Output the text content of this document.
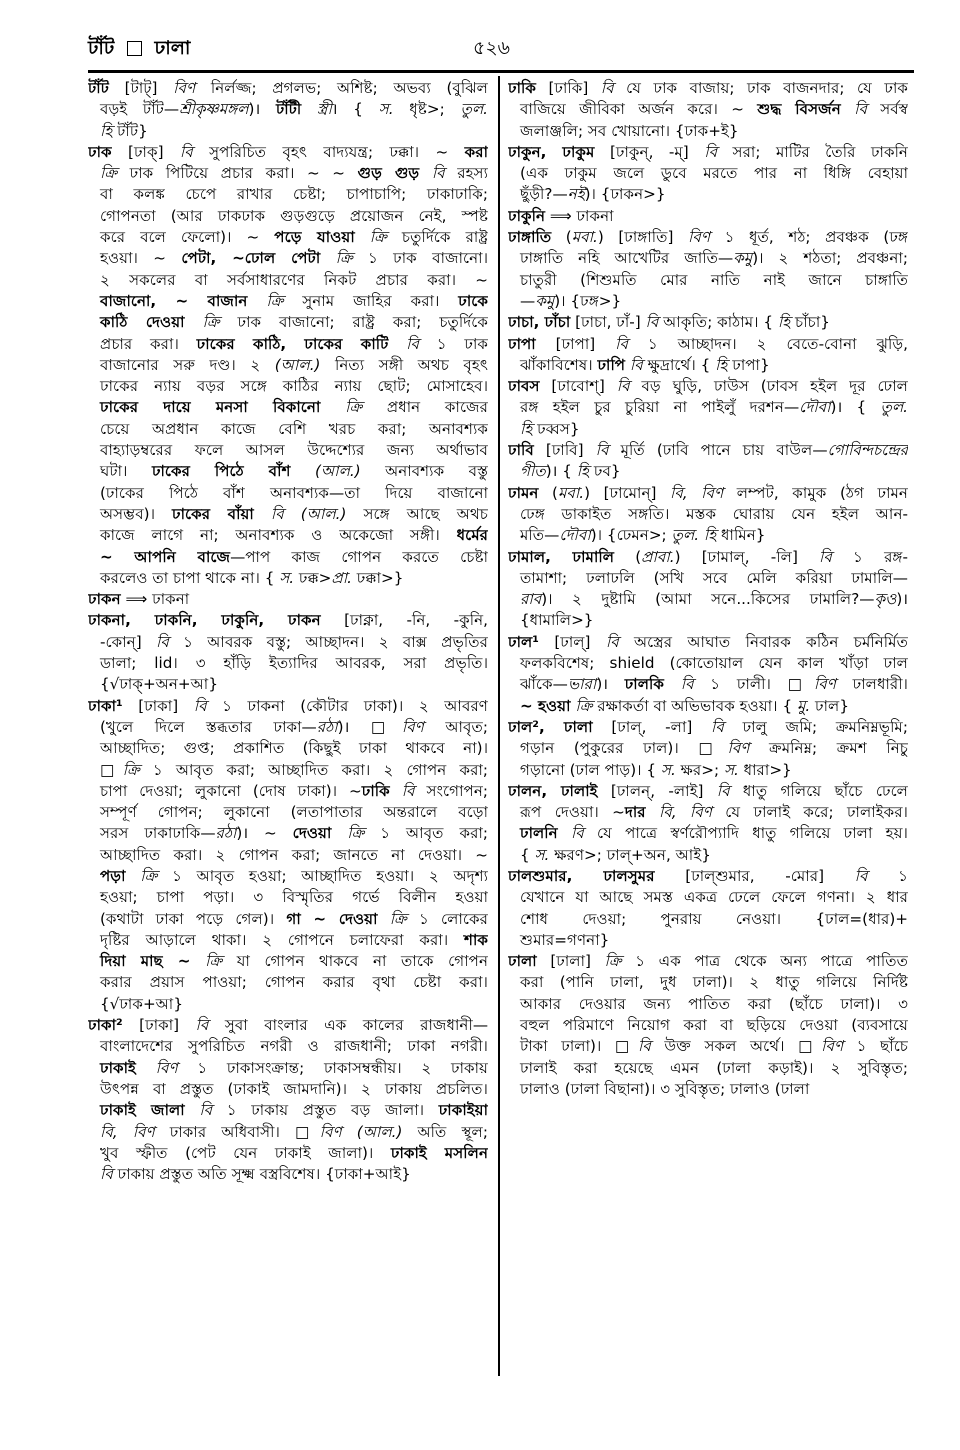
টাঁট ঢালা	৫২৬
টাঁট [টাট্] বিণ নির্লজ্জ; প্রগলভ; অশিষ্ট; অভব্য (বুঝিল
বড়ই টাঁট—শ্রীকৃষ্ণমঙ্গল)। টাঁটী স্ত্রী। { স. ধৃষ্ট>; তুল.
হি টাঁট}
ঢাক [ঢাক্] বি সুপরিচিত বৃহৎ বাদ্যযন্ত্র; ঢক্কা। ~ করা
ক্রি ঢাক পিটিয়ে প্রচার করা। ~ ~ গুড় গুড় বি রহস্য
বা কলঙ্ক চেপে রাখার চেষ্টা; চাপাচাপি; ঢাকাঢাকি;
গোপনতা (আর ঢাকঢাক গুড়গুড়ে প্রয়োজন নেই, স্পষ্ট
করে বলে ফেলো)। ~ পড়ে যাওয়া ক্রি চতুর্দিকে রাষ্ট্র
হওয়া। ~ পেটা, ~ঢোল পেটা ক্রি ১ ঢাক বাজানো।
২ সকলের বা সর্বসাধারণের নিকট প্রচার করা। ~
বাজানো, ~ বাজান ক্রি সুনাম জাহির করা। ঢাকে
কাঠি দেওয়া ক্রি ঢাক বাজানো; রাষ্ট্র করা; চতুর্দিকে
প্রচার করা। ঢাকের কাঠি, ঢাকের কাটি বি ১ ঢাক
বাজানোর সরু দণ্ড। ২ (আল.) নিত্য সঙ্গী অথচ বৃহৎ
ঢাকের ন্যায় বড়র সঙ্গে কাঠির ন্যায় ছোট; মোসাহেব।
ঢাকের দায়ে মনসা বিকানো ক্রি প্রধান কাজের
চেয়ে অপ্রধান কাজে বেশি খরচ করা; অনাবশ্যক
বাহ্যাড়ম্বরের ফলে আসল উদ্দেশ্যের জন্য অর্থাভাব
ঘটা। ঢাকের পিঠে বাঁশ (আল.) অনাবশ্যক বস্তু
(ঢাকের পিঠে বাঁশ অনাবশ্যক—তা দিয়ে বাজানো
অসম্ভব)। ঢাকের বাঁয়া বি (আল.) সঙ্গে আছে অথচ
কাজে লাগে না; অনাবশ্যক ও অকেজো সঙ্গী। ধর্মের
~ আপনি বাজে—পাপ কাজ গোপন করতে চেষ্টা
করলেও তা চাপা থাকে না। { স. ঢক্ক>প্রা. ঢক্কা>}
ঢাকন ⟹ ঢাকনা
ঢাকনা, ঢাকনি, ঢাকুনি, ঢাকন [ঢাক্না, -নি, -কুনি,
-কোন্] বি ১ আবরক বস্তু; আচ্ছাদন। ২ বাক্স প্রভৃতির
ডালা; lid। ৩ হাঁড়ি ইত্যাদির আবরক, সরা প্রভৃতি।
{√ঢাক্+অন+আ}
ঢাকা¹ [ঢাকা] বি ১ ঢাকনা (কৌটার ঢাকা)। ২ আবরণ
(খুলে দিলে স্তব্ধতার ঢাকা—রঠা)। □বিণ আবৃত;
আচ্ছাদিত; গুপ্ত; প্রকাশিত (কিছুই ঢাকা থাকবে না)।
□ক্রি ১ আবৃত করা; আচ্ছাদিত করা। ২ গোপন করা;
চাপা দেওয়া; লুকানো (দোষ ঢাকা)। ~ঢাকি বি সংগোপন;
সম্পূর্ণ গোপন; লুকানো (লতাপাতার অন্তরালে বড়ো
সরস ঢাকাঢাকি—রঠা)। ~ দেওয়া ক্রি ১ আবৃত করা;
আচ্ছাদিত করা। ২ গোপন করা; জানতে না দেওয়া। ~
পড়া ক্রি ১ আবৃত হওয়া; আচ্ছাদিত হওয়া। ২ অদৃশ্য
হওয়া; চাপা পড়া। ৩ বিস্মৃতির গর্ভে বিলীন হওয়া
(কথাটা ঢাকা পড়ে গেল)। গা ~ দেওয়া ক্রি ১ লোকের
দৃষ্টির আড়ালে থাকা। ২ গোপনে চলাফেরা করা। শাক
দিয়া মাছ ~ ক্রি যা গোপন থাকবে না তাকে গোপন
করার প্রয়াস পাওয়া; গোপন করার বৃথা চেষ্টা করা।
{√ঢাক+আ}
ঢাকা² [ঢাকা] বি সুবা বাংলার এক কালের রাজধানী—
বাংলাদেশের সুপরিচিত নগরী ও রাজধানী; ঢাকা নগরী।
ঢাকাই বিণ ১ ঢাকাসংক্রান্ত; ঢাকাসম্বন্ধীয়। ২ ঢাকায়
উৎপন্ন বা প্রস্তুত (ঢাকাই জামদানি)। ২ ঢাকায় প্রচলিত।
ঢাকাই জালা বি ১ ঢাকায় প্রস্তুত বড় জালা। ঢাকাইয়া
বি, বিণ ঢাকার অধিবাসী। □বিণ (আল.) অতি স্থূল;
খুব স্ফীত (পেট যেন ঢাকাই জালা)। ঢাকাই মসলিন
বি ঢাকায় প্রস্তুত অতি সূক্ষ্ম বস্ত্রবিশেষ। {ঢাকা+আই}
ঢাকি [ঢাকি] বি যে ঢাক বাজায়; ঢাক বাজনদার; যে ঢাক
বাজিয়ে জীবিকা অর্জন করে। ~ শুদ্ধ বিসর্জন বি সর্বস্ব
জলাঞ্জলি; সব খোয়ানো। {ঢাক+ই}
ঢাকুন, ঢাকুম [ঢাকুন্, -ম্] বি সরা; মাটির তৈরি ঢাকনি
(এক ঢাকুম জলে ডুবে মরতে পার না ধিঙ্গি বেহায়া
ছুঁড়ী?—নই)। {ঢাকন>}
ঢাকুনি ⟹ ঢাকনা
ঢাঙ্গাতি (মবা.) [ঢাঙ্গাতি] বিণ ১ ধূর্ত, শঠ; প্রবঞ্চক (ঢঙ্গ
ঢাঙ্গাতি নহি আখেটির জাতি—কমু)। ২ শঠতা; প্রবঞ্চনা;
চাতুরী (শিশুমতি মোর নাতি নাই জানে চাঙ্গাতি
—কমু)। {ঢঙ্গ>}
ঢাচা, ঢাঁচা [ঢাচা, ঢাঁ-] বি আকৃতি; কাঠাম। { হি চাঁচা}
ঢাপা [ঢাপা] বি ১ আচ্ছাদন। ২ বেতে-বোনা ঝুড়ি,
ঝাঁকাবিশেষ। ঢাপি বি ক্ষুদ্রার্থে। { হি ঢাপা}
ঢাবস [ঢাবোশ্] বি বড় ঘুড়ি, ঢাউস (ঢাবস হইল দূর ঢোল
রঙ্গ হইল চুর চুরিয়া না পাইলুঁ দরশন—দৌবা)। { তুল.
হি ঢব্বস}
ঢাবি [ঢাবি] বি মূর্তি (ঢাবি পানে চায় বাউল—গোবিন্দচন্দ্রের
গীত)। { হি ঢব}
ঢামন (মবা.) [ঢামোন্] বি, বিণ লম্পট, কামুক (ঠগ ঢামন
ঢেঙ্গ ডাকাইত সঙ্গতি। মস্তক ঘোরায় যেন হইল আন-
মতি—দৌবা)। {ঢেমন>; তুল. হি ধামিন}
ঢামাল, ঢামালি (প্রাবা.) [ঢামাল্, -লি] বি ১ রঙ্গ-
তামাশা; ঢলাঢলি (সখি সবে মেলি করিয়া ঢামালি—
রাব)। ২ দুষ্টামি (আমা সনে...কিসের ঢামালি?—কৃও)।
{ধামালি>}
ঢাল¹ [ঢাল্] বি অস্ত্রের আঘাত নিবারক কঠিন চর্মনির্মিত
ফলকবিশেষ; shield (কোতোয়াল যেন কাল খাঁড়া ঢাল
ঝাঁকে—ভারা)। ঢালকি বি ১ ঢালী। □বিণ ঢালধারী।
~ হওয়া ক্রি রক্ষাকর্তা বা অভিভাবক হওয়া। { মু. ঢাল}
ঢাল², ঢালা [ঢাল্, -লা] বি ঢালু জমি; ক্রমনিম্নভূমি;
গড়ান (পুকুরের ঢাল)। □বিণ ক্রমনিম্ন; ক্রমশ নিচু
গড়ানো (ঢাল পাড়)। { স. ক্ষর>; স. ধারা>}
ঢালন, ঢালাই [ঢালন্, -লাই] বি ধাতু গলিয়ে ছাঁচে ঢেলে
রূপ দেওয়া। ~দার বি, বিণ যে ঢালাই করে; ঢালাইকর।
ঢালনি বি যে পাত্রে স্বর্ণরৌপ্যাদি ধাতু গলিয়ে ঢালা হয়।
{ স. ক্ষরণ>; ঢাল্+অন, আই}
ঢালশুমার, ঢালসুমর [ঢাল্শুমার, -মোর] বি ১
যেখানে যা আছে সমস্ত একত্র ঢেলে ফেলে গণনা। ২ ধার
শোধ দেওয়া; পুনরায় নেওয়া। {ঢাল=(ধার)+
শুমার=গণনা}
ঢালা [ঢালা] ক্রি ১ এক পাত্র থেকে অন্য পাত্রে পাতিত
করা (পানি ঢালা, দুধ ঢালা)। ২ ধাতু গলিয়ে নির্দিষ্ট
আকার দেওয়ার জন্য পাতিত করা (ছাঁচে ঢালা)। ৩
বহুল পরিমাণে নিয়োগ করা বা ছড়িয়ে দেওয়া (ব্যবসায়ে
টাকা ঢালা)। □বি উক্ত সকল অর্থে। □বিণ ১ ছাঁচে
ঢালাই করা হয়েছে এমন (ঢালা কড়াই)। ২ সুবিস্তৃত;
ঢালাও (ঢালা বিছানা)। ৩ সুবিস্তৃত; ঢালাও (ঢালা
